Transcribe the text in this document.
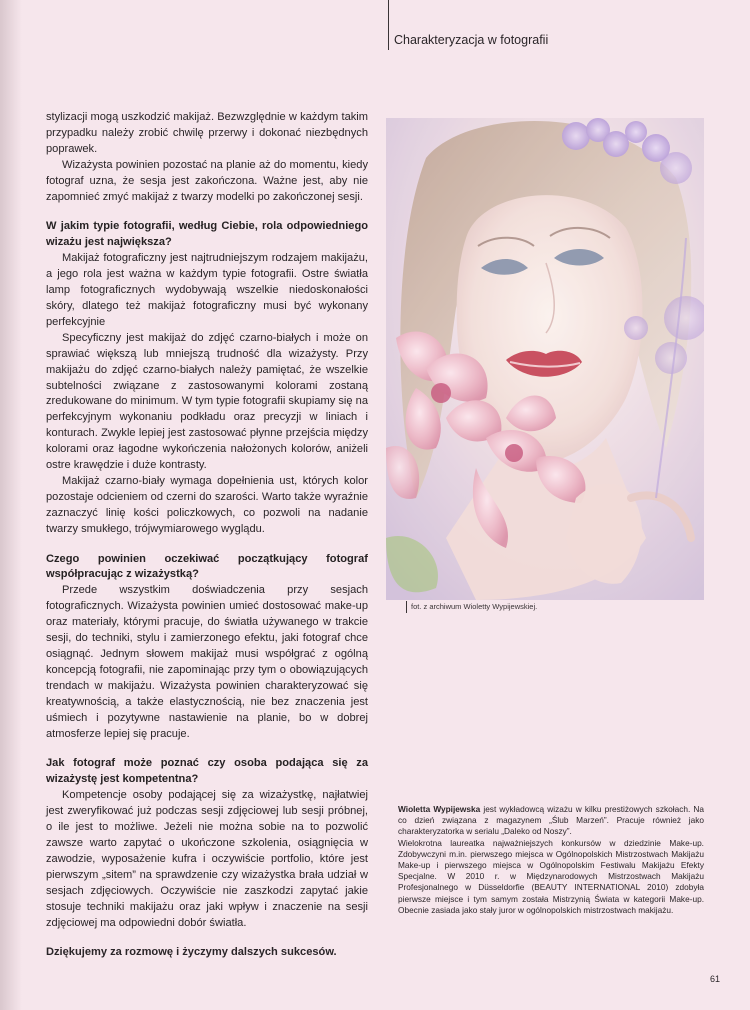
Charakteryzacja w fotografii

stylizacji mogą uszkodzić makijaż. Bezwzględnie w każdym takim przypadku należy zrobić chwilę przerwy i dokonać niezbędnych poprawek.

Wizażysta powinien pozostać na planie aż do momentu, kiedy fotograf uzna, że sesja jest zakończona. Ważne jest, aby nie zapomnieć zmyć makijaż z twarzy modelki po zakończonej sesji.

W jakim typie fotografii, według Ciebie, rola odpowiedniego wizażu jest największa?

Makijaż fotograficzny jest najtrudniejszym rodzajem makijażu, a jego rola jest ważna w każdym typie fotografii. Ostre światła lamp fotograficznych wydobywają wszelkie niedoskonałości skóry, dlatego też makijaż fotograficzny musi być wykonany perfekcyjnie

Specyficzny jest makijaż do zdjęć czarno-białych i może on sprawiać większą lub mniejszą trudność dla wizażysty. Przy makijażu do zdjęć czarno-białych należy pamiętać, że wszelkie subtelności związane z zastosowanymi kolorami zostaną zredukowane do minimum. W tym typie fotografii skupiamy się na perfekcyjnym wykonaniu podkładu oraz precyzji w liniach i konturach. Zwykle lepiej jest zastosować płynne przejścia między kolorami oraz łagodne wykończenia nałożonych kolorów, aniżeli ostre krawędzie i duże kontrasty.

Makijaż czarno-biały wymaga dopełnienia ust, których kolor pozostaje odcieniem od czerni do szarości. Warto także wyraźnie zaznaczyć linię kości policzkowych, co pozwoli na nadanie twarzy smukłego, trójwymiarowego wyglądu.

Czego powinien oczekiwać początkujący fotograf współpracując z wizażystką?

Przede wszystkim doświadczenia przy sesjach fotograficznych. Wizażysta powinien umieć dostosować make-up oraz materiały, którymi pracuje, do światła używanego w trakcie sesji, do techniki, stylu i zamierzonego efektu, jaki fotograf chce osiągnąć. Jednym słowem makijaż musi współgrać z ogólną koncepcją fotografii, nie zapominając przy tym o obowiązujących trendach w makijażu. Wizażysta powinien charakteryzować się kreatywnością, a także elastycznością, nie bez znaczenia jest uśmiech i pozytywne nastawienie na planie, bo w dobrej atmosferze lepiej się pracuje.

Jak fotograf może poznać czy osoba podająca się za wizażystę jest kompetentna?

Kompetencje osoby podającej się za wizażystkę, najłatwiej jest zweryfikować już podczas sesji zdjęciowej lub sesji próbnej, o ile jest to możliwe. Jeżeli nie można sobie na to pozwolić zawsze warto zapytać o ukończone szkolenia, osiągnięcia w zawodzie, wyposażenie kufra i oczywiście portfolio, które jest pierwszym „sitem” na sprawdzenie czy wizażystka brała udział w sesjach zdjęciowych. Oczywiście nie zaszkodzi zapytać jakie stosuje techniki makijażu oraz jaki wpływ i znaczenie na sesji zdjęciowej ma odpowiedni dobór światła.

Dziękujemy za rozmowę i życzymy dalszych sukcesów.

fot. z archiwum Wioletty Wypijewskiej.

Wioletta Wypijewska jest wykładowcą wizażu w kilku prestiżowych szkołach. Na co dzień związana z magazynem „Ślub Marzeń”. Pracuje również jako charakteryzatorka w serialu „Daleko od Noszy”.

Wielokrotna laureatka najważniejszych konkursów w dziedzinie Make-up. Zdobywczyni m.in. pierwszego miejsca w Ogólnopolskich Mistrzostwach Makijażu Make-up i pierwszego miejsca w Ogólnopolskim Festiwalu Makijażu Efekty Specjalne. W 2010 r. w Międzynarodowych Mistrzostwach Makijażu Profesjonalnego w Düsseldorfie (BEAUTY INTERNATIONAL 2010) zdobyła pierwsze miejsce i tym samym została Mistrzynią Świata w kategorii Make-up. Obecnie zasiada jako stały juror w ogólnopolskich mistrzostwach makijażu.

61
